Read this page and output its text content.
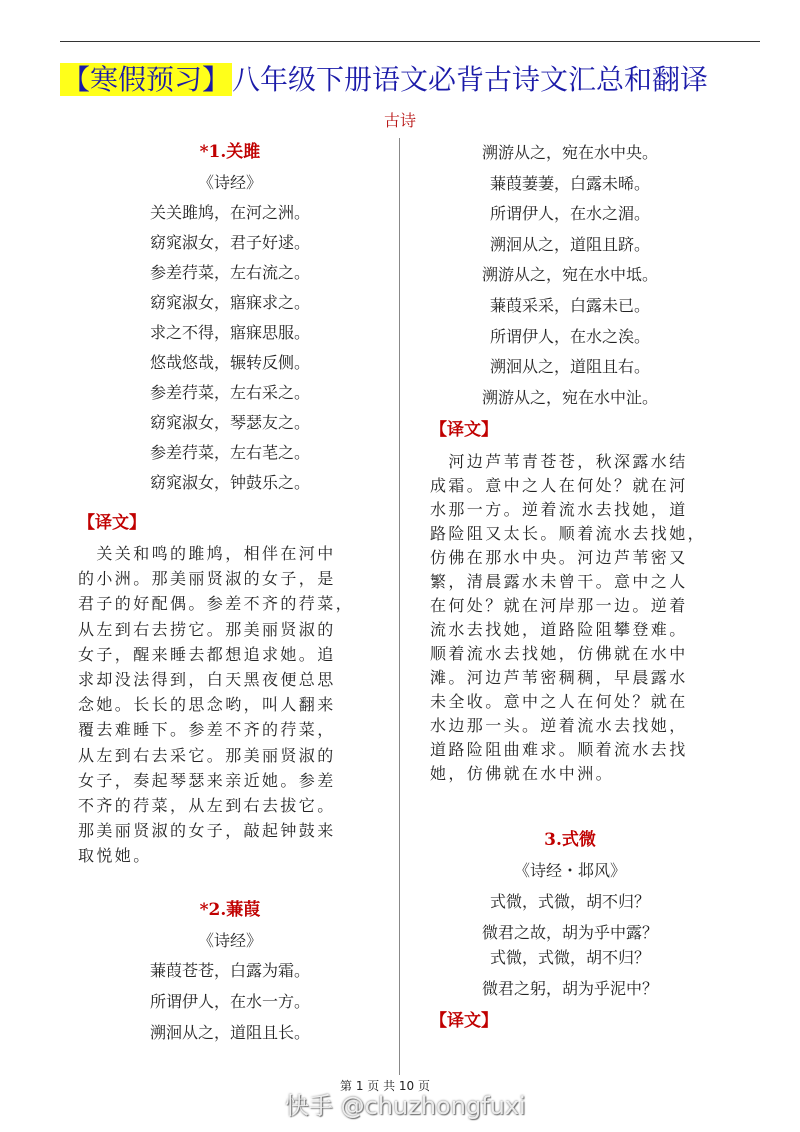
【寒假预习】八年级下册语文必背古诗文汇总和翻译
古诗
*1.关雎
《诗经》
关关雎鸠，在河之洲。
窈窕淑女，君子好逑。
参差荇菜，左右流之。
窈窕淑女，寤寐求之。
求之不得，寤寐思服。
悠哉悠哉，辗转反侧。
参差荇菜，左右采之。
窈窕淑女，琴瑟友之。
参差荇菜，左右芼之。
窈窕淑女，钟鼓乐之。
【译文】
　关关和鸣的雎鸠，相伴在河中
的小洲。那美丽贤淑的女子，是
君子的好配偶。参差不齐的荇菜，
从左到右去捞它。那美丽贤淑的
女子，醒来睡去都想追求她。追
求却没法得到，白天黑夜便总思
念她。长长的思念哟，叫人翻来
覆去难睡下。参差不齐的荇菜，
从左到右去采它。那美丽贤淑的
女子，奏起琴瑟来亲近她。参差
不齐的荇菜，从左到右去拔它。
那美丽贤淑的女子，敲起钟鼓来
取悦她。
*2.蒹葭
《诗经》
蒹葭苍苍，白露为霜。
所谓伊人，在水一方。
溯洄从之，道阻且长。
溯游从之，宛在水中央。
蒹葭萋萋，白露未晞。
所谓伊人，在水之湄。
溯洄从之，道阻且跻。
溯游从之，宛在水中坻。
蒹葭采采，白露未已。
所谓伊人，在水之涘。
溯洄从之，道阻且右。
溯游从之，宛在水中沚。
【译文】
　河边芦苇青苍苍，秋深露水结
成霜。意中之人在何处？就在河
水那一方。逆着流水去找她，道
路险阻又太长。顺着流水去找她，
仿佛在那水中央。河边芦苇密又
繁，清晨露水未曾干。意中之人
在何处？就在河岸那一边。逆着
流水去找她，道路险阻攀登难。
顺着流水去找她，仿佛就在水中
滩。河边芦苇密稠稠，早晨露水
未全收。意中之人在何处？就在
水边那一头。逆着流水去找她，
道路险阻曲难求。顺着流水去找
她，仿佛就在水中洲。
3.式微
《诗经・邶风》
式微，式微，胡不归？
微君之故，胡为乎中露？
式微，式微，胡不归？
微君之躬，胡为乎泥中？
【译文】
第 1 页 共 10 页
快手 @chuzhongfuxi
